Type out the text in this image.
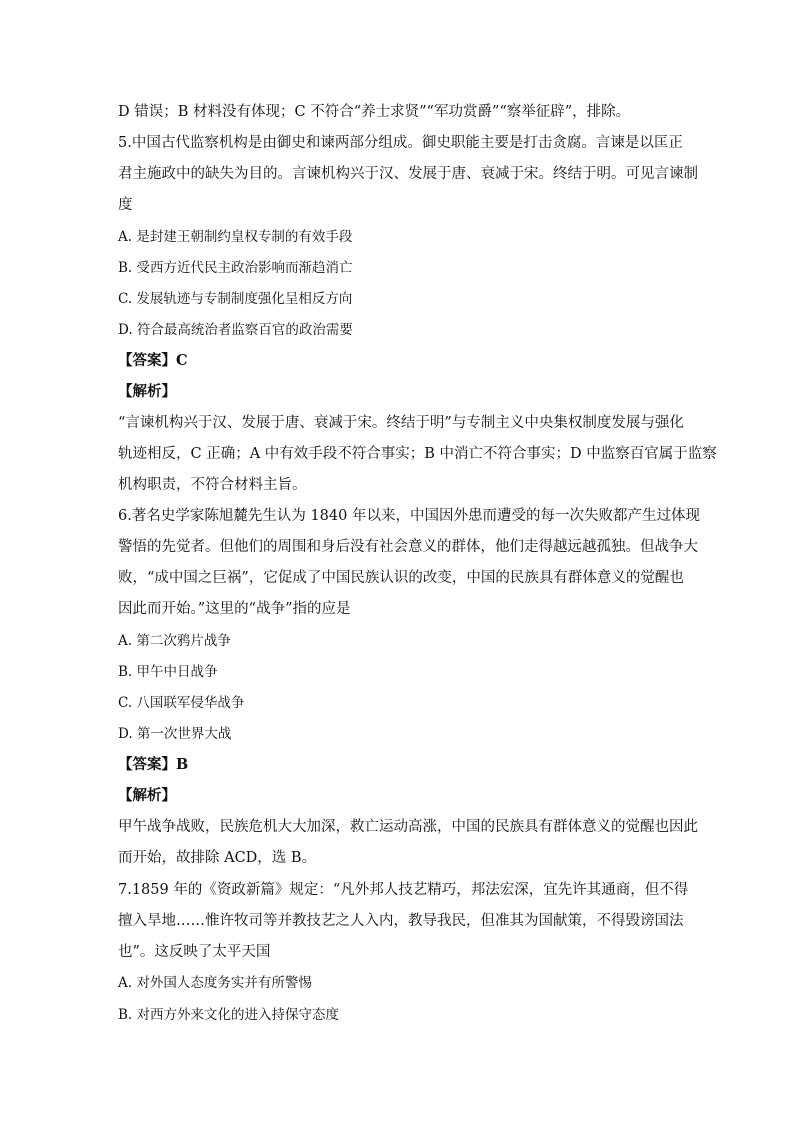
D 错误；B 材料没有体现；C 不符合“养士求贤”“军功赏爵”“察举征辟”，排除。
5.中国古代监察机构是由御史和谏两部分组成。御史职能主要是打击贪腐。言谏是以匡正
君主施政中的缺失为目的。言谏机构兴于汉、发展于唐、衰减于宋。终结于明。可见言谏制
度
A. 是封建王朝制约皇权专制的有效手段
B. 受西方近代民主政治影响而渐趋消亡
C. 发展轨迹与专制制度强化呈相反方向
D. 符合最高统治者监察百官的政治需要
【答案】C
【解析】
“言谏机构兴于汉、发展于唐、衰减于宋。终结于明”与专制主义中央集权制度发展与强化
轨迹相反，C 正确；A 中有效手段不符合事实；B 中消亡不符合事实；D 中监察百官属于监察
机构职责，不符合材料主旨。
6.著名史学家陈旭麓先生认为 1840 年以来，中国因外患而遭受的每一次失败都产生过体现
警悟的先觉者。但他们的周围和身后没有社会意义的群体，他们走得越远越孤独。但战争大
败，“成中国之巨祸”，它促成了中国民族认识的改变，中国的民族具有群体意义的觉醒也
因此而开始。”这里的“战争”指的应是
A. 第二次鸦片战争
B. 甲午中日战争
C. 八国联军侵华战争
D. 第一次世界大战
【答案】B
【解析】
甲午战争战败，民族危机大大加深，救亡运动高涨，中国的民族具有群体意义的觉醒也因此
而开始，故排除 ACD，选 B。
7.1859 年的《资政新篇》规定：“凡外邦人技艺精巧，邦法宏深，宜先许其通商，但不得
擅入旱地……惟许牧司等并教技艺之人入内，教导我民，但准其为国献策，不得毁谤国法
也”。这反映了太平天国
A. 对外国人态度务实并有所警惕
B. 对西方外来文化的进入持保守态度
